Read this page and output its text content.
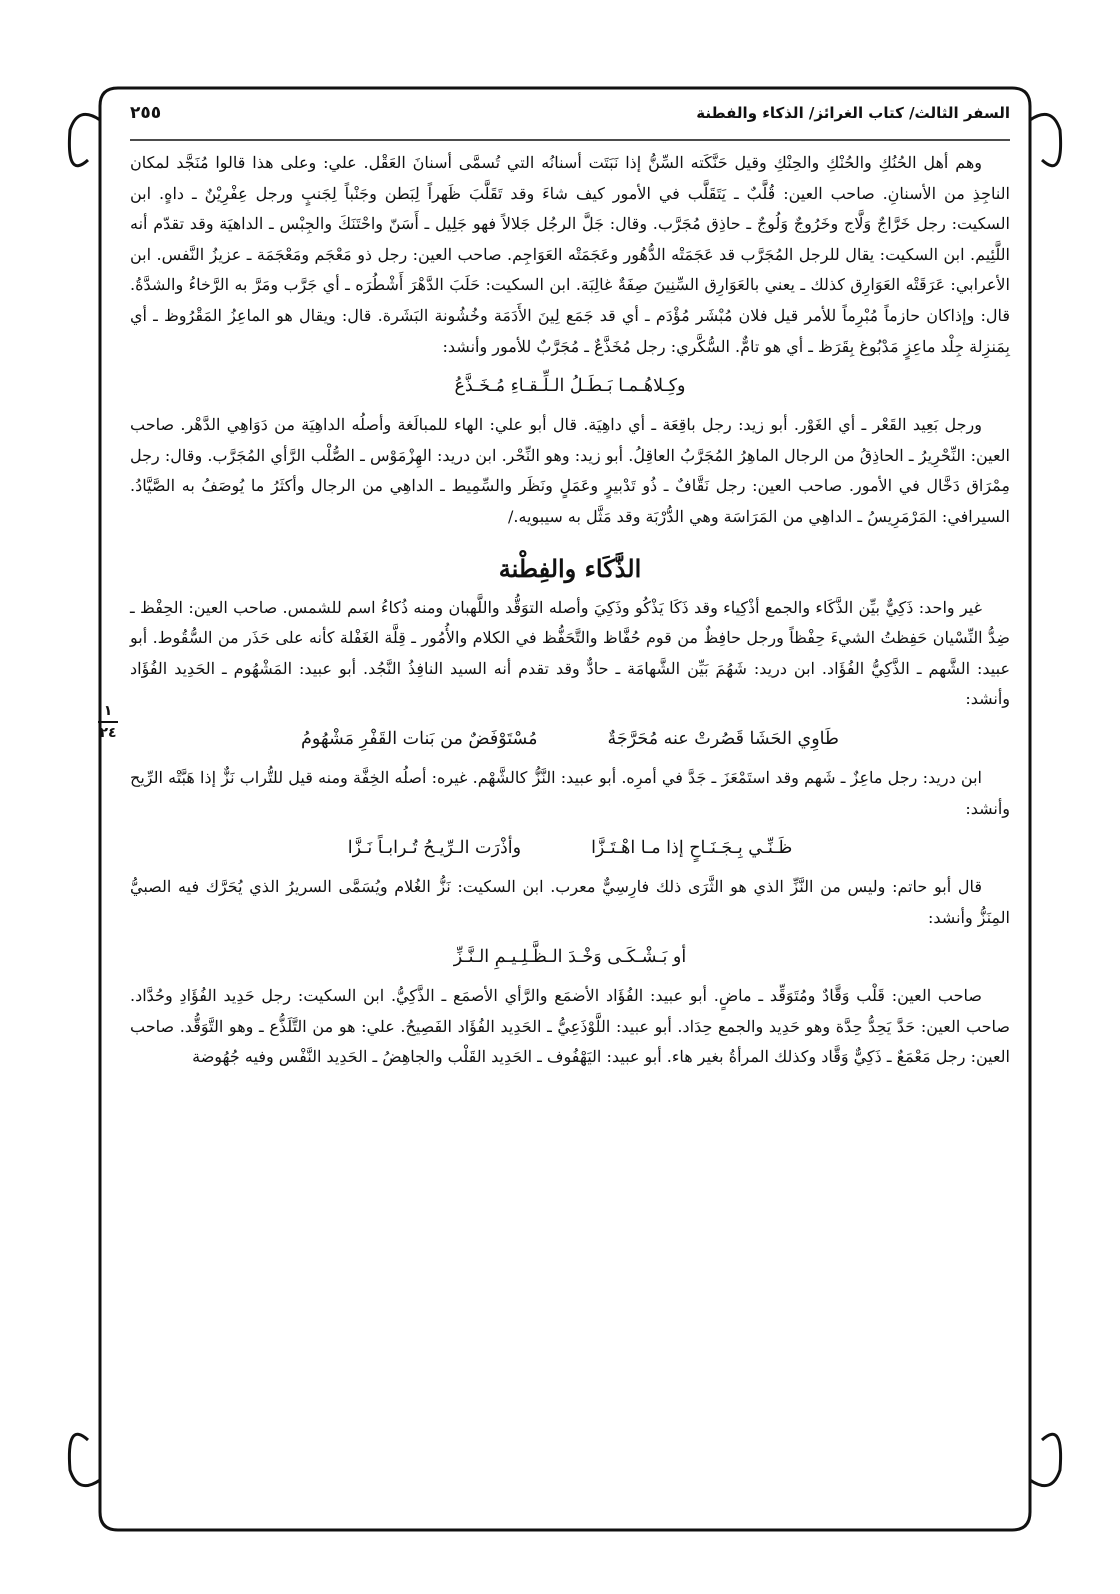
٢٥٥	السفر الثالث/ كتاب الغرائز/ الذكاء والفطنة

وهم أهل الحُنُكِ والحُنْكِ والحِنْكِ وقيل حَنَّكَته السِّنُّ إذا نَبَتَت أسنانُه التي تُسمَّى أسنانَ العَقْل. علي: وعلى هذا قالوا مُنَجَّد لمكان الناجِذِ من الأسنانِ. صاحب العين: قُلَّبٌ ـ يَتَقَلَّب في الأمور كيف شاءَ وقد تَقَلَّبَ ظَهراً لِبَطن وجَنْباً لِجَنبٍ ورجل عِفْرِيْنٌ ـ داهٍ. ابن السكيت: رجل خَرَّاجٌ وَلَّاج وخَرُوجٌ وَلُوجٌ ـ حاذِق مُجَرَّب. وقال: جَلَّ الرجُل جَلالاً فهو جَلِيل ـ أَسَنّ واحْتَنَكَ والجِبْس ـ الداهيَة وقد تقدّم أنه اللَّئِيم. ابن السكيت: يقال للرجل المُجَرَّب قد عَجَمَتْه الدُّهُور وعَجَمَتْه العَوَاجِم. صاحب العين: رجل ذو مَعْجَم ومَعْجَمَة ـ عزيزُ النَّفس. ابن الأعرابي: عَرَقَتْه العَوَارِق كذلك ـ يعني بالعَوَارِق السِّنِينَ صِفَةٌ غالِبَة. ابن السكيت: حَلَبَ الدَّهْرَ أَشْطُرَه ـ أي جَرَّب ومَرَّ به الرَّخاءُ والشدَّةُ. قال: وإذاكان حازماً مُبْرِماً للأمر قيل فلان مُبْشَر مُؤْدَم ـ أي قد جَمَع لِينَ الأَدَمَة وخُشُونة البَشَرة. قال: ويقال هو الماعِزُ المَقْرُوظ ـ أي بِمَنزِلة جِلْد ماعِزٍ مَدْبُوغ بِقَرَظ ـ أي هو تامٌّ. السُّكَّري: رجل مُخَذَّعٌ ـ مُجَرَّبٌ للأمور وأنشد:

وكِـلاهُـمـا بَـطَـلُ الـلِّـقـاءِ مُـخَـذَّعُ

ورجل بَعِيد القَعْر ـ أي الغَوْر. أبو زيد: رجل باقِعَة ـ أي داهِيَة. قال أبو علي: الهاء للمبالَغة وأصلُه الداهِيَة من دَوَاهِي الدَّهْر. صاحب العين: النِّحْرِيرُ ـ الحاذِقُ من الرجال الماهِرُ المُجَرَّبُ العاقِلُ. أبو زيد: وهو النِّحْر. ابن دريد: الهِزْمَوْس ـ الصُّلْب الرَّأي المُجَرَّب. وقال: رجل مِمْرَاق دَخَّال في الأمور. صاحب العين: رجل نَقَّافٌ ـ ذُو تَدْبيرٍ وعَمَلٍ ونَظَر والسِّمِيط ـ الداهِي من الرجال وأكثَرُ ما يُوصَفُ به الصَّيَّادُ. السيرافي: المَرْمَرِيسُ ـ الداهِي من المَرَاسَة وهي الدُّرْبَة وقد مَثَّل به سيبويه./

الذَّكَاء والفِطْنة

غير واحد: ذَكِيٌّ بيِّن الذَّكَاء والجمع أذْكِياء وقد ذَكَا يَذْكُو وذَكِيَ وأصله التوَقُّد واللَّهبان ومنه ذُكاءُ اسم للشمس. صاحب العين: الحِفْظ ـ ضِدُّ النِّسْيان حَفِظتُ الشيءَ حِفْظاً ورجل حافِظٌ من قوم حُفَّاظ والتَّحَفُّظ في الكلام والأُمُور ـ قِلَّة الغَفْلة كأنه على حَذَر من السُّقُوط. أبو عبيد: الشَّهم ـ الذَّكِيُّ الفُؤَاد. ابن دريد: شَهُمَ بَيِّن الشَّهامَة ـ حادٌّ وقد تقدم أنه السيد النافِذُ النَّجُد. أبو عبيد: المَشْهُوم ـ الحَدِيد الفُؤَاد وأنشد:

طَاوِي الحَشَا قَصُرتْ عنه مُحَرَّجَةٌ
مُسْتَوْفَضٌ من بَنات القَفْرِ مَشْهُومُ

ابن دريد: رجل ماعِزٌ ـ شَهم وقد استَمْعَزَ ـ جَدَّ في أمرِه. أبو عبيد: النَّزُّ كالشَّهْم. غيره: أصلُه الخِفَّة ومنه قيل للتُّراب نَزٌّ إذا هَبَّتْه الرِّيح وأنشد:

ظَـنِّـي بِـجَـنَـاحٍ إذا مـا اهْـتَـزَّا
وأذْرَت الـرِّيـحُ تُـرابـاً نَـزَّا

قال أبو حاتم: وليس من النَّزِّ الذي هو الثَّرَى ذلك فارِسِيٌّ معرب. ابن السكيت: نَزُّ الغُلام ويُسَمَّى السريرُ الذي يُحَرَّك فيه الصبيُّ المِنَزُّ وأنشد:

أو بَـشْـكَـى وَخْـدَ الـظَّـلِـيـمِ الـنَّـزِّ

صاحب العين: قَلْب وَقَّادٌ ومُتَوَقِّد ـ ماضٍ. أبو عبيد: الفُؤَاد الأضمَع والرَّأي الأصمَع ـ الذَّكِيُّ. ابن السكيت: رجل حَدِيد الفُؤَادِ وحُدَّاد. صاحب العين: حَدَّ يَحِدُّ حِدَّة وهو حَدِيد والجمع حِدَاد. أبو عبيد: اللَّوْذَعِيُّ ـ الحَدِيد الفُؤَاد الفَصِيحُ. علي: هو من التَّلَذُّع ـ وهو التَّوَقُّد. صاحب العين: رجل مَعْمَعٌ ـ ذَكِيٌّ وَقَّاد وكذلك المرأةُ بغير هاء. أبو عبيد: اليَهْفُوف ـ الحَدِيد القَلْب والجاهِضُ ـ الحَدِيد النَّفْس وفيه جُهُوضة

١
٢٤
